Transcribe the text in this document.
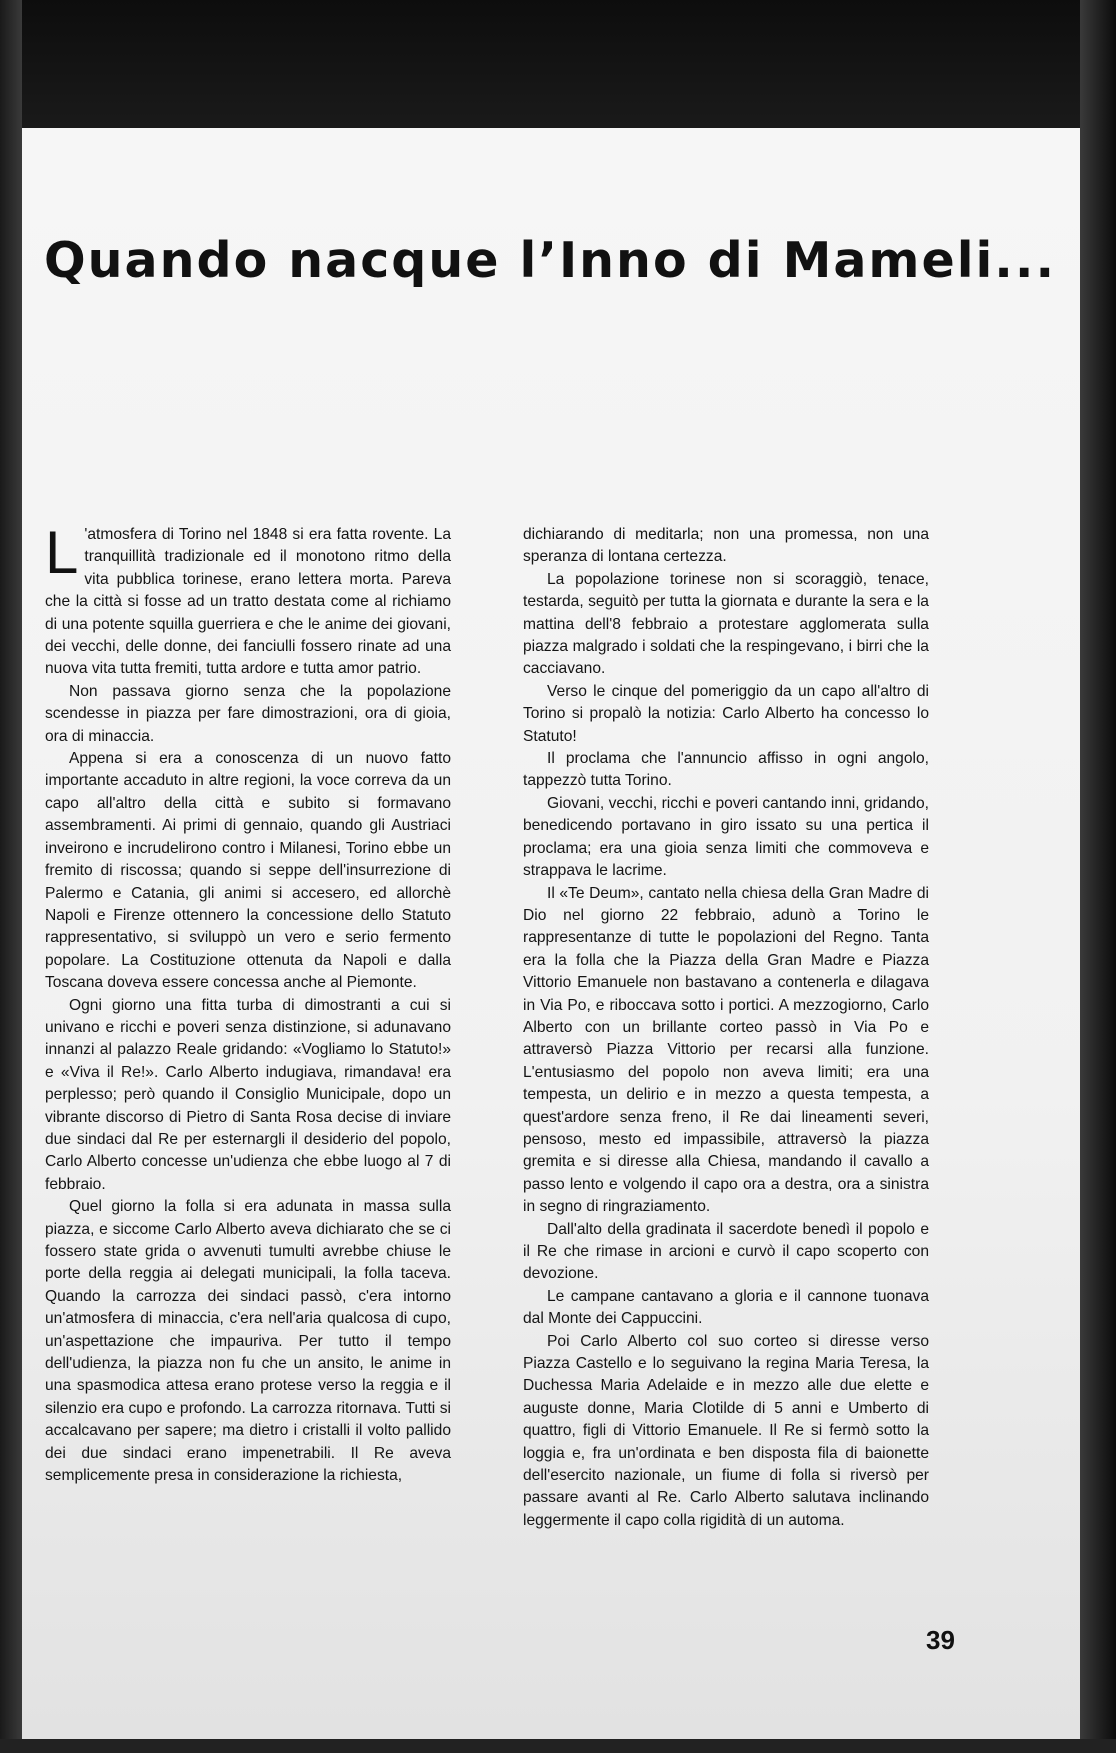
Quando nacque l’Inno di Mameli...

L 'atmosfera di Torino nel 1848 si era fatta rovente. La tranquillità tradizionale ed il monotono ritmo della vita pubblica torinese, erano lettera morta. Pareva che la città si fosse ad un tratto destata come al richiamo di una potente squilla guerriera e che le anime dei giovani, dei vecchi, delle donne, dei fanciulli fossero rinate ad una nuova vita tutta fremiti, tutta ardore e tutta amor patrio.

Non passava giorno senza che la popolazione scendesse in piazza per fare dimostrazioni, ora di gioia, ora di minaccia.

Appena si era a conoscenza di un nuovo fatto importante accaduto in altre regioni, la voce correva da un capo all'altro della città e subito si formavano assembramenti. Ai primi di gennaio, quando gli Austriaci inveirono e incrudelirono contro i Milanesi, Torino ebbe un fremito di riscossa; quando si seppe dell'insurrezione di Palermo e Catania, gli animi si accesero, ed allorchè Napoli e Firenze ottennero la concessione dello Statuto rappresentativo, si sviluppò un vero e serio fermento popolare. La Costituzione ottenuta da Napoli e dalla Toscana doveva essere concessa anche al Piemonte.

Ogni giorno una fitta turba di dimostranti a cui si univano e ricchi e poveri senza distinzione, si adunavano innanzi al palazzo Reale gridando: «Vogliamo lo Statuto!» e «Viva il Re!». Carlo Alberto indugiava, rimandava! era perplesso; però quando il Consiglio Municipale, dopo un vibrante discorso di Pietro di Santa Rosa decise di inviare due sindaci dal Re per esternargli il desiderio del popolo, Carlo Alberto concesse un'udienza che ebbe luogo al 7 di febbraio.

Quel giorno la folla si era adunata in massa sulla piazza, e siccome Carlo Alberto aveva dichiarato che se ci fossero state grida o avvenuti tumulti avrebbe chiuse le porte della reggia ai delegati municipali, la folla taceva. Quando la carrozza dei sindaci passò, c'era intorno un'atmosfera di minaccia, c'era nell'aria qualcosa di cupo, un'aspettazione che impauriva. Per tutto il tempo dell'udienza, la piazza non fu che un ansito, le anime in una spasmodica attesa erano protese verso la reggia e il silenzio era cupo e profondo. La carrozza ritornava. Tutti si accalcavano per sapere; ma dietro i cristalli il volto pallido dei due sindaci erano impenetrabili. Il Re aveva semplicemente presa in considerazione la richiesta,

dichiarando di meditarla; non una promessa, non una speranza di lontana certezza.

La popolazione torinese non si scoraggiò, tenace, testarda, seguitò per tutta la giornata e durante la sera e la mattina dell'8 febbraio a protestare agglomerata sulla piazza malgrado i soldati che la respingevano, i birri che la cacciavano.

Verso le cinque del pomeriggio da un capo all'altro di Torino si propalò la notizia: Carlo Alberto ha concesso lo Statuto!

Il proclama che l'annuncio affisso in ogni angolo, tappezzò tutta Torino.

Giovani, vecchi, ricchi e poveri cantando inni, gridando, benedicendo portavano in giro issato su una pertica il proclama; era una gioia senza limiti che commoveva e strappava le lacrime.

Il «Te Deum», cantato nella chiesa della Gran Madre di Dio nel giorno 22 febbraio, adunò a Torino le rappresentanze di tutte le popolazioni del Regno. Tanta era la folla che la Piazza della Gran Madre e Piazza Vittorio Emanuele non bastavano a contenerla e dilagava in Via Po, e riboccava sotto i portici. A mezzogiorno, Carlo Alberto con un brillante corteo passò in Via Po e attraversò Piazza Vittorio per recarsi alla funzione. L'entusiasmo del popolo non aveva limiti; era una tempesta, un delirio e in mezzo a questa tempesta, a quest'ardore senza freno, il Re dai lineamenti severi, pensoso, mesto ed impassibile, attraversò la piazza gremita e si diresse alla Chiesa, mandando il cavallo a passo lento e volgendo il capo ora a destra, ora a sinistra in segno di ringraziamento.

Dall'alto della gradinata il sacerdote benedì il popolo e il Re che rimase in arcioni e curvò il capo scoperto con devozione.

Le campane cantavano a gloria e il cannone tuonava dal Monte dei Cappuccini.

Poi Carlo Alberto col suo corteo si diresse verso Piazza Castello e lo seguivano la regina Maria Teresa, la Duchessa Maria Adelaide e in mezzo alle due elette e auguste donne, Maria Clotilde di 5 anni e Umberto di quattro, figli di Vittorio Emanuele. Il Re si fermò sotto la loggia e, fra un'ordinata e ben disposta fila di baionette dell'esercito nazionale, un fiume di folla si riversò per passare avanti al Re. Carlo Alberto salutava inclinando leggermente il capo colla rigidità di un automa.

39
